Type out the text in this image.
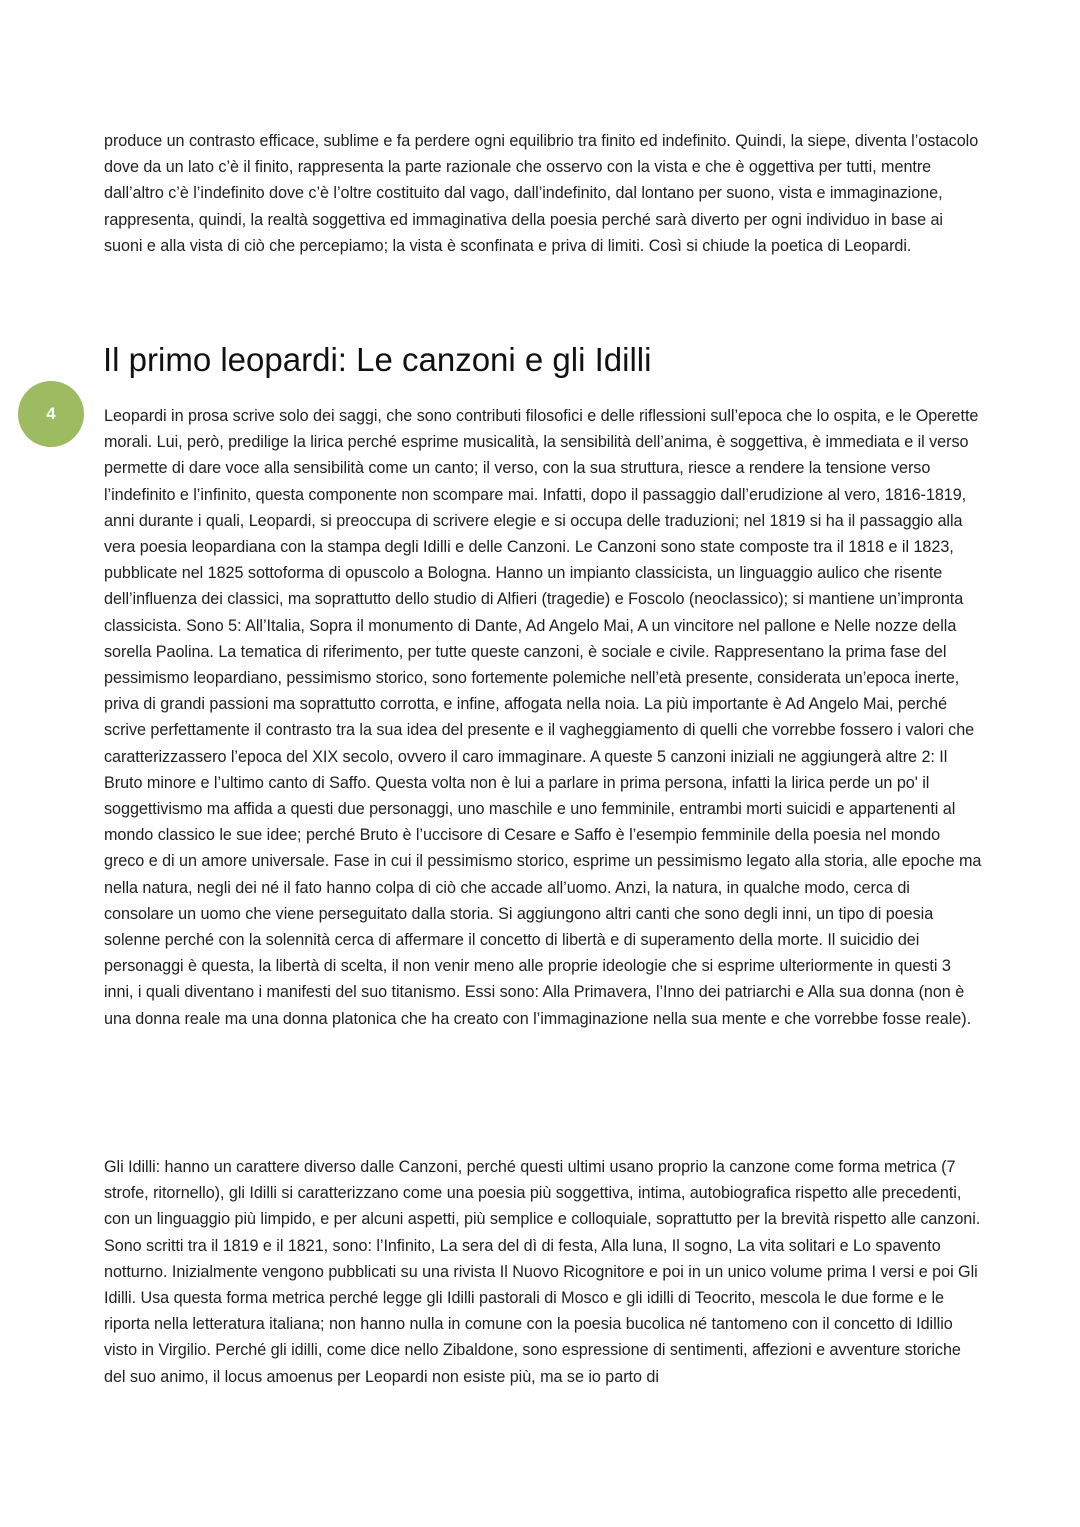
produce un contrasto efficace, sublime e fa perdere ogni equilibrio tra finito ed indefinito. Quindi, la siepe, diventa l’ostacolo dove da un lato c’è il finito, rappresenta la parte razionale che osservo con la vista e che è oggettiva per tutti, mentre dall’altro c’è l’indefinito dove c’è l’oltre costituito dal vago, dall’indefinito, dal lontano per suono, vista e immaginazione, rappresenta, quindi, la realtà soggettiva ed immaginativa della poesia perché sarà diverto per ogni individuo in base ai suoni e alla vista di ciò che percepiamo; la vista è sconfinata e priva di limiti. Così si chiude la poetica di Leopardi.

Il primo leopardi: Le canzoni e gli Idilli
4	Leopardi in prosa scrive solo dei saggi, che sono contributi filosofici e delle riflessioni sull’epoca che lo ospita, e le Operette morali. Lui, però, predilige la lirica perché esprime musicalità, la sensibilità dell’anima, è soggettiva, è immediata e il verso permette di dare voce alla sensibilità come un canto; il verso, con la sua struttura, riesce a rendere la tensione verso l’indefinito e l’infinito, questa componente non scompare mai. Infatti, dopo il passaggio dall’erudizione al vero, 1816-1819, anni durante i quali, Leopardi, si preoccupa di scrivere elegie e si occupa delle traduzioni; nel 1819 si ha il passaggio alla vera poesia leopardiana con la stampa degli Idilli e delle Canzoni. Le Canzoni sono state composte tra il 1818 e il 1823, pubblicate nel 1825 sottoforma di opuscolo a Bologna. Hanno un impianto classicista, un linguaggio aulico che risente dell’influenza dei classici, ma soprattutto dello studio di Alfieri (tragedie) e Foscolo (neoclassico); si mantiene un’impronta classicista. Sono 5: All’Italia, Sopra il monumento di Dante, Ad Angelo Mai, A un vincitore nel pallone e Nelle nozze della sorella Paolina. La tematica di riferimento, per tutte queste canzoni, è sociale e civile. Rappresentano la prima fase del pessimismo leopardiano, pessimismo storico, sono fortemente polemiche nell’età presente, considerata un’epoca inerte, priva di grandi passioni ma soprattutto corrotta, e infine, affogata nella noia. La più importante è Ad Angelo Mai, perché scrive perfettamente il contrasto tra la sua idea del presente e il vagheggiamento di quelli che vorrebbe fossero i valori che caratterizzassero l’epoca del XIX secolo, ovvero il caro immaginare. A queste 5 canzoni iniziali ne aggiungerà altre 2: Il Bruto minore e l’ultimo canto di Saffo. Questa volta non è lui a parlare in prima persona, infatti la lirica perde un po' il soggettivismo ma affida a questi due personaggi, uno maschile e uno femminile, entrambi morti suicidi e appartenenti al mondo classico le sue idee; perché Bruto è l’uccisore di Cesare e Saffo è l’esempio femminile della poesia nel mondo greco e di un amore universale. Fase in cui il pessimismo storico, esprime un pessimismo legato alla storia, alle epoche ma nella natura, negli dei né il fato hanno colpa di ciò che accade all’uomo. Anzi, la natura, in qualche modo, cerca di consolare un uomo che viene perseguitato dalla storia. Si aggiungono altri canti che sono degli inni, un tipo di poesia solenne perché con la solennità cerca di affermare il concetto di libertà e di superamento della morte. Il suicidio dei personaggi è questa, la libertà di scelta, il non venir meno alle proprie ideologie che si esprime ulteriormente in questi 3 inni, i quali diventano i manifesti del suo titanismo. Essi sono: Alla Primavera, l’Inno dei patriarchi e Alla sua donna (non è una donna reale ma una donna platonica che ha creato con l’immaginazione nella sua mente e che vorrebbe fosse reale).

Gli Idilli: hanno un carattere diverso dalle Canzoni, perché questi ultimi usano proprio la canzone come forma metrica (7 strofe, ritornello), gli Idilli si caratterizzano come una poesia più soggettiva, intima, autobiografica rispetto alle precedenti, con un linguaggio più limpido, e per alcuni aspetti, più semplice e colloquiale, soprattutto per la brevità rispetto alle canzoni. Sono scritti tra il 1819 e il 1821, sono: l’Infinito, La sera del dì di festa, Alla luna, Il sogno, La vita solitari e Lo spavento notturno. Inizialmente vengono pubblicati su una rivista Il Nuovo Ricognitore e poi in un unico volume prima I versi e poi Gli Idilli. Usa questa forma metrica perché legge gli Idilli pastorali di Mosco e gli idilli di Teocrito, mescola le due forme e le riporta nella letteratura italiana; non hanno nulla in comune con la poesia bucolica né tantomeno con il concetto di Idillio visto in Virgilio. Perché gli idilli, come dice nello Zibaldone, sono espressione di sentimenti, affezioni e avventure storiche del suo animo, il locus amoenus per Leopardi non esiste più, ma se io parto di
